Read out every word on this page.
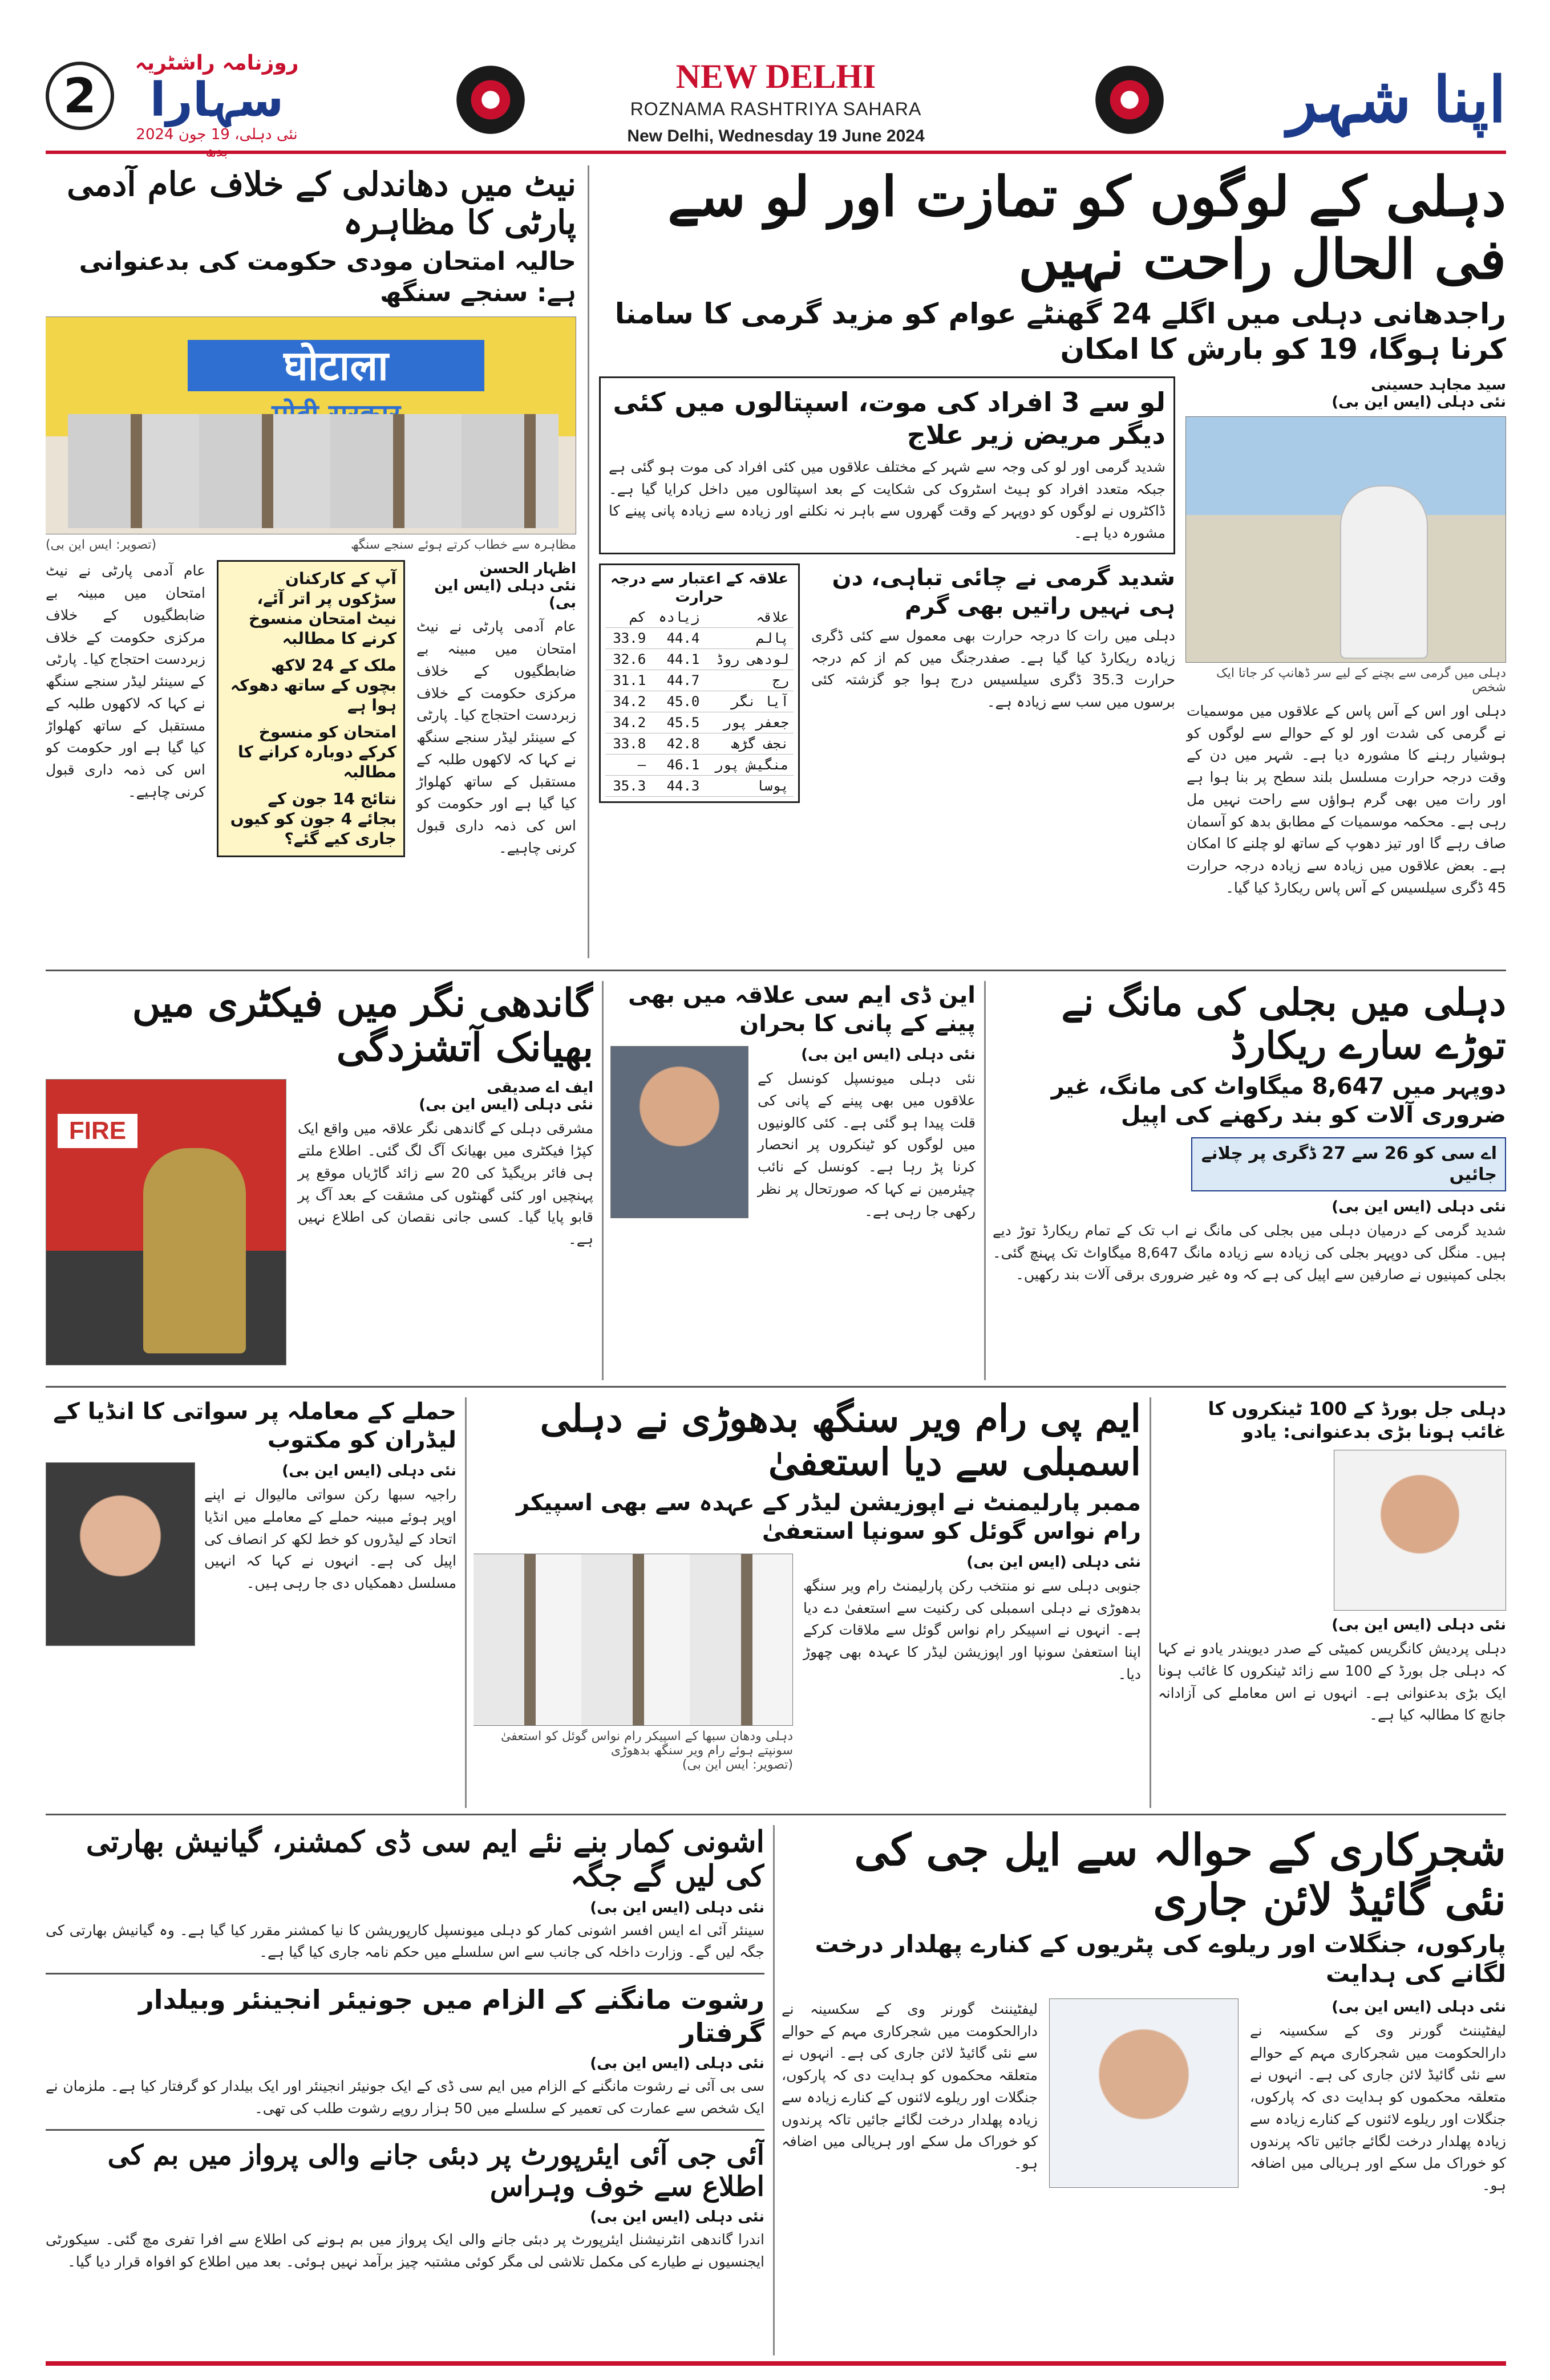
2
روزنامہ راشٹریہ
سہارا
نئی دہلی، 19 جون 2024 بدھ
NEW DELHI
ROZNAMA RASHTRIYA SAHARA
New Delhi, Wednesday 19 June 2024	اپنا شہر
نیٹ میں دھاندلی کے خلاف عام آدمی پارٹی کا مظاہرہ
حالیہ امتحان مودی حکومت کی بدعنوانی ہے: سنجے سنگھ
घोटाला
مظاہرہ سے خطاب کرتے ہوئے سنجے سنگھ
(تصویر: ایس این بی)
اظہار الحسن
نئی دہلی (ایس این بی)
عام آدمی پارٹی نے نیٹ امتحان میں مبینہ بے ضابطگیوں کے خلاف مرکزی حکومت کے خلاف زبردست احتجاج کیا۔ پارٹی کے سینئر لیڈر سنجے سنگھ نے کہا کہ لاکھوں طلبہ کے مستقبل کے ساتھ کھلواڑ کیا گیا ہے اور حکومت کو اس کی ذمہ داری قبول کرنی چاہیے۔
آپ کے کارکنان سڑکوں پر اتر آئے، نیٹ امتحان منسوخ کرنے کا مطالبہ
ملک کے 24 لاکھ بچوں کے ساتھ دھوکہ ہوا ہے
امتحان کو منسوخ کرکے دوبارہ کرانے کا مطالبہ
نتائج 14 جون کے بجائے 4 جون کو کیوں جاری کیے گئے؟
عام آدمی پارٹی نے نیٹ امتحان میں مبینہ بے ضابطگیوں کے خلاف مرکزی حکومت کے خلاف زبردست احتجاج کیا۔ پارٹی کے سینئر لیڈر سنجے سنگھ نے کہا کہ لاکھوں طلبہ کے مستقبل کے ساتھ کھلواڑ کیا گیا ہے اور حکومت کو اس کی ذمہ داری قبول کرنی چاہیے۔
دہلی کے لوگوں کو تمازت اور لو سے فی الحال راحت نہیں
راجدھانی دہلی میں اگلے 24 گھنٹے عوام کو مزید گرمی کا سامنا کرنا ہوگا، 19 کو بارش کا امکان
سید مجاہد حسینی
نئی دہلی (ایس این بی)
دہلی میں گرمی سے بچنے کے لیے سر ڈھانپ کر جاتا ایک شخص
دہلی اور اس کے آس پاس کے علاقوں میں موسمیات نے گرمی کی شدت اور لو کے حوالے سے لوگوں کو ہوشیار رہنے کا مشورہ دیا ہے۔ شہر میں دن کے وقت درجہ حرارت مسلسل بلند سطح پر بنا ہوا ہے اور رات میں بھی گرم ہواؤں سے راحت نہیں مل رہی ہے۔ محکمہ موسمیات کے مطابق بدھ کو آسمان صاف رہے گا اور تیز دھوپ کے ساتھ لو چلنے کا امکان ہے۔ بعض علاقوں میں زیادہ سے زیادہ درجہ حرارت 45 ڈگری سیلسیس کے آس پاس ریکارڈ کیا گیا۔
لو سے 3 افراد کی موت، اسپتالوں میں کئی دیگر مریض زیر علاج
شدید گرمی اور لو کی وجہ سے شہر کے مختلف علاقوں میں کئی افراد کی موت ہو گئی ہے جبکہ متعدد افراد کو ہیٹ اسٹروک کی شکایت کے بعد اسپتالوں میں داخل کرایا گیا ہے۔ ڈاکٹروں نے لوگوں کو دوپہر کے وقت گھروں سے باہر نہ نکلنے اور زیادہ سے زیادہ پانی پینے کا مشورہ دیا ہے۔
شدید گرمی نے چائی تباہی، دن ہی نہیں راتیں بھی گرم
دہلی میں رات کا درجہ حرارت بھی معمول سے کئی ڈگری زیادہ ریکارڈ کیا گیا ہے۔ صفدرجنگ میں کم از کم درجہ حرارت 35.3 ڈگری سیلسیس درج ہوا جو گزشتہ کئی برسوں میں سب سے زیادہ ہے۔
علاقہ کے اعتبار سے درجہ حرارت
علاقہ	زیادہ	کم
پالم	44.4	33.9
لودھی روڈ	44.1	32.6
رج	44.7	31.1
آیا نگر	45.0	34.2
جعفر پور	45.5	34.2
نجف گڑھ	42.8	33.8
منگیش پور	46.1	—
پوسا	44.3	35.3
گاندھی نگر میں فیکٹری میں بھیانک آتشزدگی
ایف اے صدیقی
نئی دہلی (ایس این بی)
مشرقی دہلی کے گاندھی نگر علاقہ میں واقع ایک کپڑا فیکٹری میں بھیانک آگ لگ گئی۔ اطلاع ملتے ہی فائر بریگیڈ کی 20 سے زائد گاڑیاں موقع پر پہنچیں اور کئی گھنٹوں کی مشقت کے بعد آگ پر قابو پایا گیا۔ کسی جانی نقصان کی اطلاع نہیں ہے۔
FIRE
این ڈی ایم سی علاقہ میں بھی پینے کے پانی کا بحران
نئی دہلی (ایس این بی)
نئی دہلی میونسپل کونسل کے علاقوں میں بھی پینے کے پانی کی قلت پیدا ہو گئی ہے۔ کئی کالونیوں میں لوگوں کو ٹینکروں پر انحصار کرنا پڑ رہا ہے۔ کونسل کے نائب چیئرمین نے کہا کہ صورتحال پر نظر رکھی جا رہی ہے۔
دہلی میں بجلی کی مانگ نے توڑے سارے ریکارڈ
دوپہر میں 8,647 میگاواٹ کی مانگ، غیر ضروری آلات کو بند رکھنے کی اپیل
اے سی کو 26 سے 27 ڈگری پر چلانے جائیں
نئی دہلی (ایس این بی)
شدید گرمی کے درمیان دہلی میں بجلی کی مانگ نے اب تک کے تمام ریکارڈ توڑ دیے ہیں۔ منگل کی دوپہر بجلی کی زیادہ سے زیادہ مانگ 8,647 میگاواٹ تک پہنچ گئی۔ بجلی کمپنیوں نے صارفین سے اپیل کی ہے کہ وہ غیر ضروری برقی آلات بند رکھیں۔
حملے کے معاملہ پر سواتی کا انڈیا کے لیڈران کو مکتوب
نئی دہلی (ایس این بی)
راجیہ سبھا رکن سواتی مالیوال نے اپنے اوپر ہوئے مبینہ حملے کے معاملے میں انڈیا اتحاد کے لیڈروں کو خط لکھ کر انصاف کی اپیل کی ہے۔ انہوں نے کہا کہ انہیں مسلسل دھمکیاں دی جا رہی ہیں۔
ایم پی رام ویر سنگھ بدھوڑی نے دہلی اسمبلی سے دیا استعفیٰ
ممبر پارلیمنٹ نے اپوزیشن لیڈر کے عہدہ سے بھی اسپیکر رام نواس گوئل کو سونپا استعفیٰ
نئی دہلی (ایس این بی)
جنوبی دہلی سے نو منتخب رکن پارلیمنٹ رام ویر سنگھ بدھوڑی نے دہلی اسمبلی کی رکنیت سے استعفیٰ دے دیا ہے۔ انہوں نے اسپیکر رام نواس گوئل سے ملاقات کرکے اپنا استعفیٰ سونپا اور اپوزیشن لیڈر کا عہدہ بھی چھوڑ دیا۔
دہلی ودھان سبھا کے اسپیکر رام نواس گوئل کو استعفیٰ سونپتے ہوئے رام ویر سنگھ بدھوڑی
(تصویر: ایس این بی)
دہلی جل بورڈ کے 100 ٹینکروں کا غائب ہونا بڑی بدعنوانی: یادو
نئی دہلی (ایس این بی)
دہلی پردیش کانگریس کمیٹی کے صدر دیویندر یادو نے کہا کہ دہلی جل بورڈ کے 100 سے زائد ٹینکروں کا غائب ہونا ایک بڑی بدعنوانی ہے۔ انہوں نے اس معاملے کی آزادانہ جانچ کا مطالبہ کیا ہے۔
اشونی کمار بنے نئے ایم سی ڈی کمشنر، گیانیش بھارتی کی لیں گے جگہ
نئی دہلی (ایس این بی)
سینئر آئی اے ایس افسر اشونی کمار کو دہلی میونسپل کارپوریشن کا نیا کمشنر مقرر کیا گیا ہے۔ وہ گیانیش بھارتی کی جگہ لیں گے۔ وزارت داخلہ کی جانب سے اس سلسلے میں حکم نامہ جاری کیا گیا ہے۔
رشوت مانگنے کے الزام میں جونیئر انجینئر وبیلدار گرفتار
نئی دہلی (ایس این بی)
سی بی آئی نے رشوت مانگنے کے الزام میں ایم سی ڈی کے ایک جونیئر انجینئر اور ایک بیلدار کو گرفتار کیا ہے۔ ملزمان نے ایک شخص سے عمارت کی تعمیر کے سلسلے میں 50 ہزار روپے رشوت طلب کی تھی۔
آئی جی آئی ایئرپورٹ پر دبئی جانے والی پرواز میں بم کی اطلاع سے خوف وہراس
نئی دہلی (ایس این بی)
اندرا گاندھی انٹرنیشنل ایئرپورٹ پر دبئی جانے والی ایک پرواز میں بم ہونے کی اطلاع سے افرا تفری مچ گئی۔ سیکورٹی ایجنسیوں نے طیارے کی مکمل تلاشی لی مگر کوئی مشتبہ چیز برآمد نہیں ہوئی۔ بعد میں اطلاع کو افواہ قرار دیا گیا۔
شجرکاری کے حوالہ سے ایل جی کی نئی گائیڈ لائن جاری
پارکوں، جنگلات اور ریلوے کی پٹریوں کے کنارے پھلدار درخت لگانے کی ہدایت
نئی دہلی (ایس این بی)
لیفٹیننٹ گورنر وی کے سکسینہ نے دارالحکومت میں شجرکاری مہم کے حوالے سے نئی گائیڈ لائن جاری کی ہے۔ انہوں نے متعلقہ محکموں کو ہدایت دی کہ پارکوں، جنگلات اور ریلوے لائنوں کے کنارے زیادہ سے زیادہ پھلدار درخت لگائے جائیں تاکہ پرندوں کو خوراک مل سکے اور ہریالی میں اضافہ ہو۔
لیفٹیننٹ گورنر وی کے سکسینہ نے دارالحکومت میں شجرکاری مہم کے حوالے سے نئی گائیڈ لائن جاری کی ہے۔ انہوں نے متعلقہ محکموں کو ہدایت دی کہ پارکوں، جنگلات اور ریلوے لائنوں کے کنارے زیادہ سے زیادہ پھلدار درخت لگائے جائیں تاکہ پرندوں کو خوراک مل سکے اور ہریالی میں اضافہ ہو۔
